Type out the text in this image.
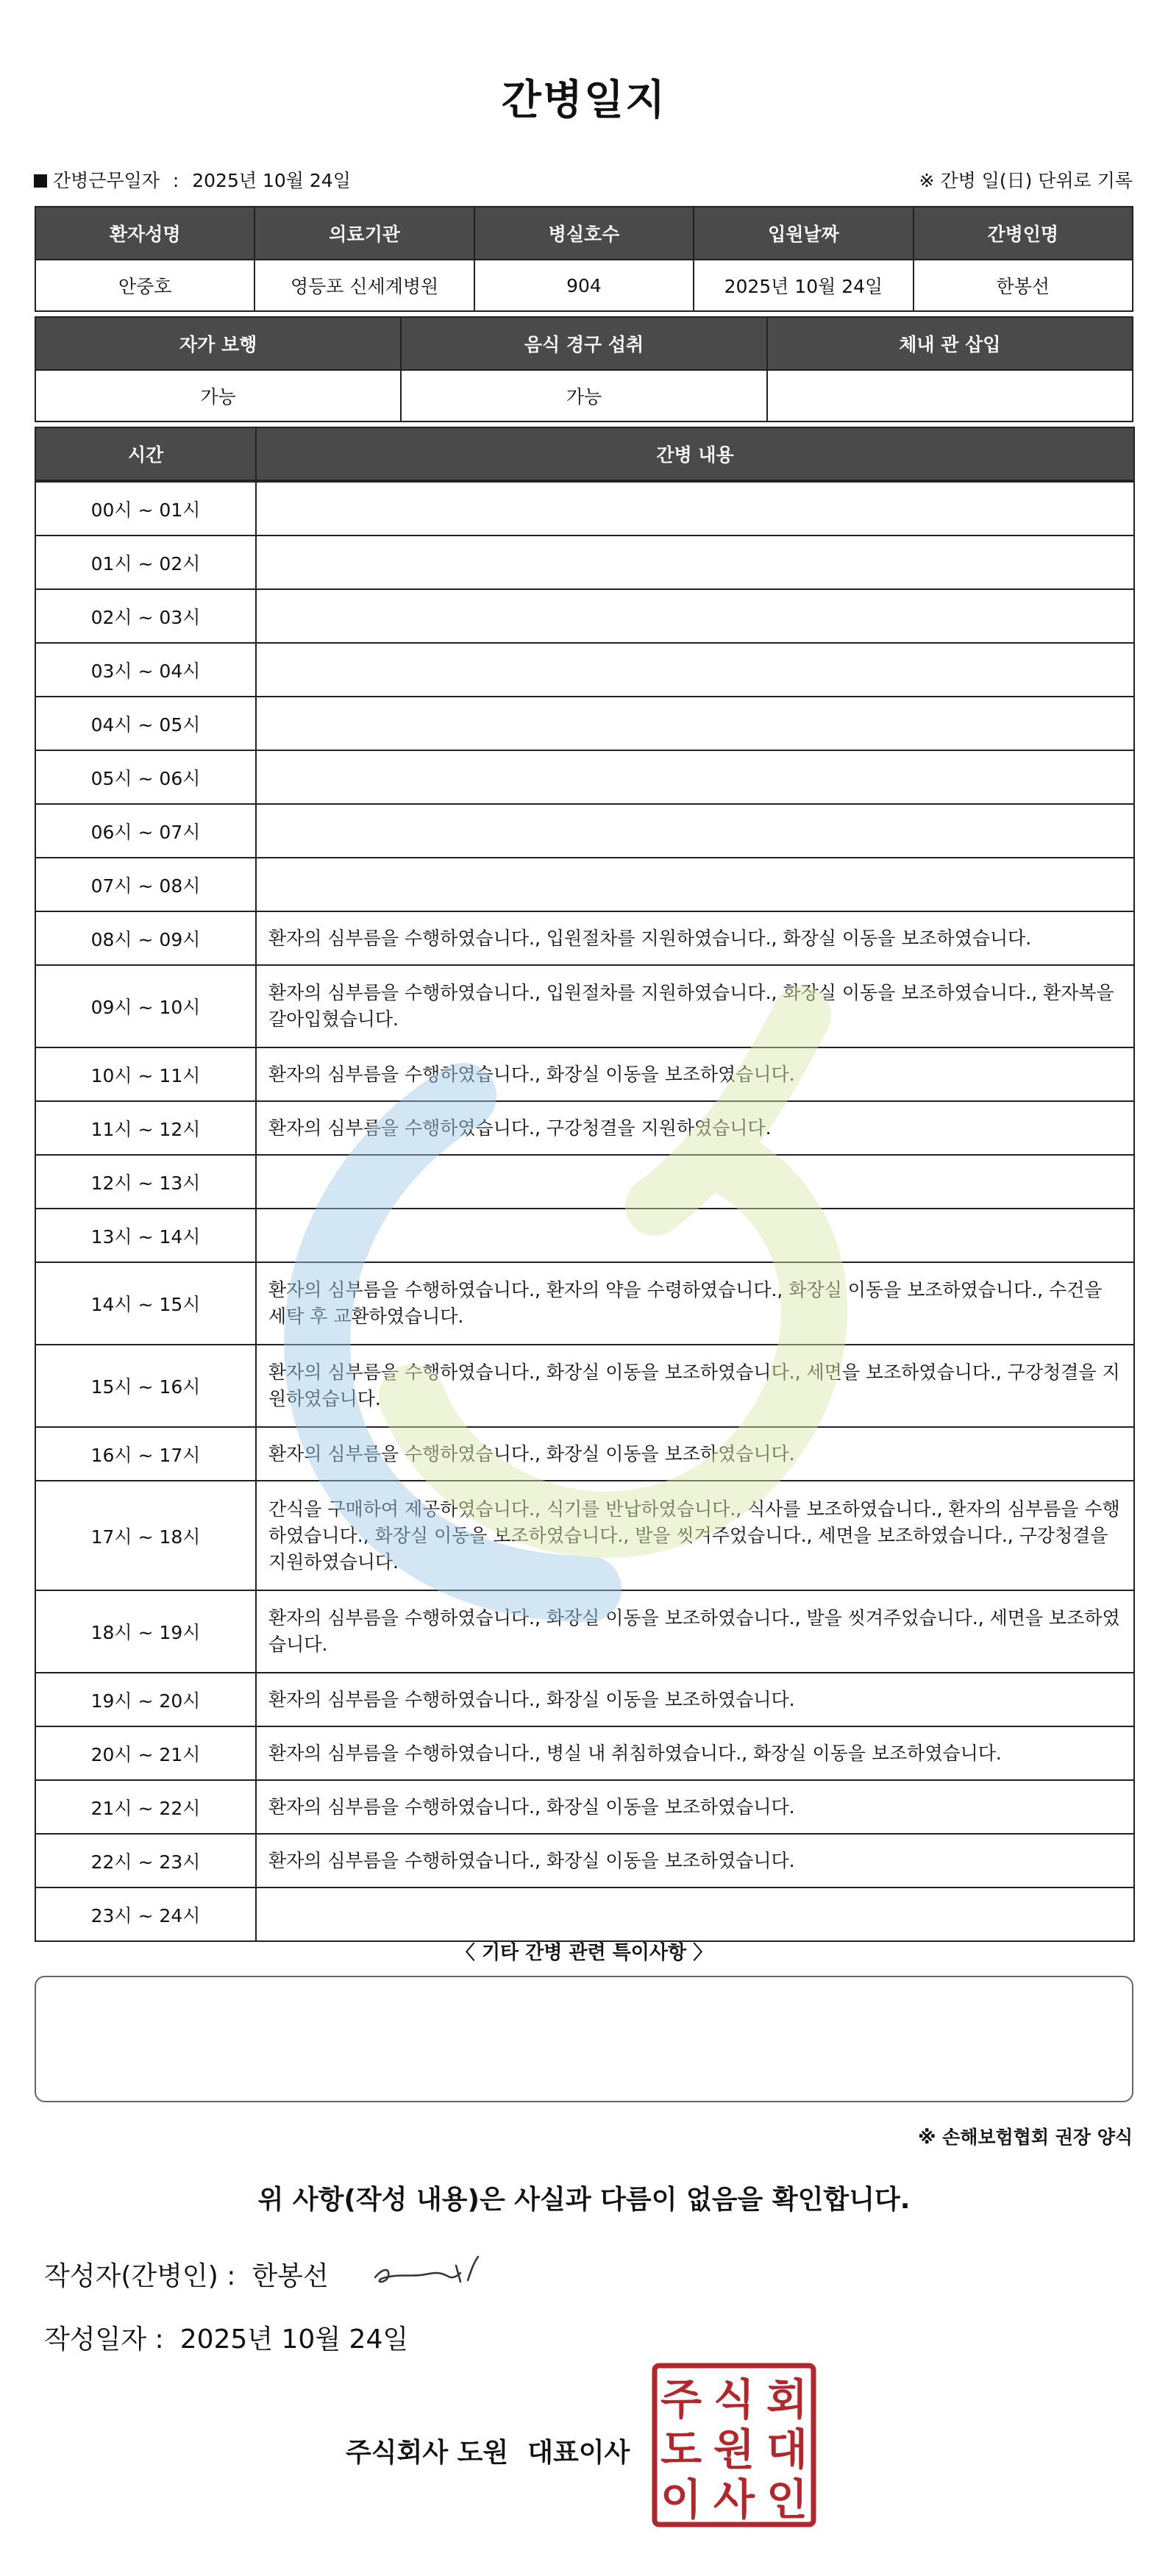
간병일지
간병근무일자 : 2025년 10월 24일	※ 간병 일(日) 단위로 기록
환자성명	의료기관	병실호수	입원날짜	간병인명
안중호	영등포 신세계병원	904	2025년 10월 24일	한봉선
자가 보행	음식 경구 섭취	체내 관 삽입
가능	가능	
시간	간병 내용
00시 ~ 01시	
01시 ~ 02시	
02시 ~ 03시	
03시 ~ 04시	
04시 ~ 05시	
05시 ~ 06시	
06시 ~ 07시	
07시 ~ 08시	
08시 ~ 09시	환자의 심부름을 수행하였습니다., 입원절차를 지원하였습니다., 화장실 이동을 보조하였습니다.
09시 ~ 10시	환자의 심부름을 수행하였습니다., 입원절차를 지원하였습니다., 화장실 이동을 보조하였습니다., 환자복을 갈아입혔습니다.
10시 ~ 11시	환자의 심부름을 수행하였습니다., 화장실 이동을 보조하였습니다.
11시 ~ 12시	환자의 심부름을 수행하였습니다., 구강청결을 지원하였습니다.
12시 ~ 13시	
13시 ~ 14시	
14시 ~ 15시	환자의 심부름을 수행하였습니다., 환자의 약을 수령하였습니다., 화장실 이동을 보조하였습니다., 수건을 세탁 후 교환하였습니다.
15시 ~ 16시	환자의 심부름을 수행하였습니다., 화장실 이동을 보조하였습니다., 세면을 보조하였습니다., 구강청결을 지원하였습니다.
16시 ~ 17시	환자의 심부름을 수행하였습니다., 화장실 이동을 보조하였습니다.
17시 ~ 18시	간식을 구매하여 제공하였습니다., 식기를 반납하였습니다., 식사를 보조하였습니다., 환자의 심부름을 수행하였습니다., 화장실 이동을 보조하였습니다., 발을 씻겨주었습니다., 세면을 보조하였습니다., 구강청결을 지원하였습니다.
18시 ~ 19시	환자의 심부름을 수행하였습니다., 화장실 이동을 보조하였습니다., 발을 씻겨주었습니다., 세면을 보조하였습니다.
19시 ~ 20시	환자의 심부름을 수행하였습니다., 화장실 이동을 보조하였습니다.
20시 ~ 21시	환자의 심부름을 수행하였습니다., 병실 내 취침하였습니다., 화장실 이동을 보조하였습니다.
21시 ~ 22시	환자의 심부름을 수행하였습니다., 화장실 이동을 보조하였습니다.
22시 ~ 23시	환자의 심부름을 수행하였습니다., 화장실 이동을 보조하였습니다.
23시 ~ 24시	
〈 기타 간병 관련 특이사항 〉
※ 손해보험협회 권장 양식
위 사항(작성 내용)은 사실과 다름이 없음을 확인합니다.
작성자(간병인) : 한봉선
작성일자 : 2025년 10월 24일
주식회사 도원 대표이사
주 식 회
도 원 대
이 사 인
